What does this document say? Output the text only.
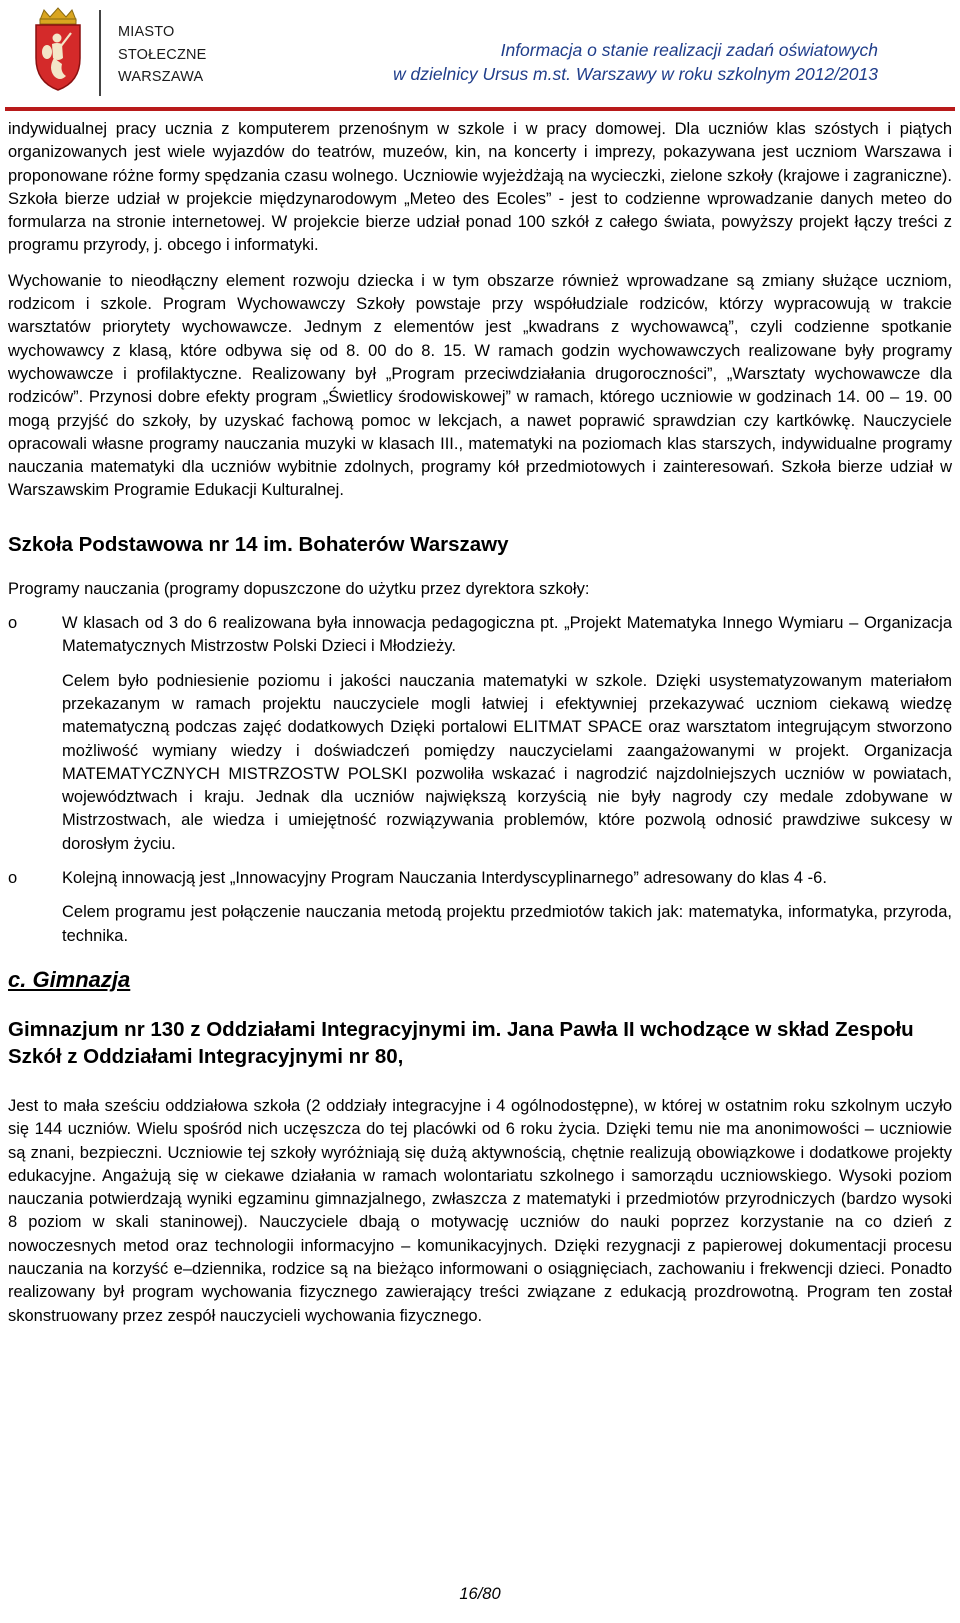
MIASTO
STOŁECZNE
WARSZAWA
Informacja o stanie realizacji zadań oświatowych
w dzielnicy Ursus m.st. Warszawy w roku szkolnym 2012/2013

indywidualnej pracy ucznia z komputerem przenośnym w szkole i w pracy domowej. Dla uczniów klas szóstych i piątych organizowanych jest wiele wyjazdów do teatrów, muzeów, kin, na koncerty i imprezy, pokazywana jest uczniom Warszawa i proponowane różne formy spędzania czasu wolnego. Uczniowie wyjeżdżają na wycieczki, zielone szkoły (krajowe i zagraniczne). Szkoła bierze udział w projekcie międzynarodowym „Meteo des Ecoles” - jest to codzienne wprowadzanie danych meteo do formularza na stronie internetowej. W projekcie bierze udział ponad 100 szkół z całego świata, powyższy projekt łączy treści z programu przyrody, j. obcego i informatyki.

Wychowanie to nieodłączny element rozwoju dziecka i w tym obszarze również wprowadzane są zmiany służące uczniom, rodzicom i szkole. Program Wychowawczy Szkoły powstaje przy współudziale rodziców, którzy wypracowują w trakcie warsztatów priorytety wychowawcze. Jednym z elementów jest „kwadrans z wychowawcą”, czyli codzienne spotkanie wychowawcy z klasą, które odbywa się od 8. 00 do 8. 15. W ramach godzin wychowawczych realizowane były programy wychowawcze i profilaktyczne. Realizowany był „Program przeciwdziałania drugoroczności”, „Warsztaty wychowawcze dla rodziców”. Przynosi dobre efekty program „Świetlicy środowiskowej” w ramach, którego uczniowie w godzinach 14. 00 – 19. 00 mogą przyjść do szkoły, by uzyskać fachową pomoc w lekcjach, a nawet poprawić sprawdzian czy kartkówkę. Nauczyciele opracowali własne programy nauczania muzyki w klasach III., matematyki na poziomach klas starszych, indywidualne programy nauczania matematyki dla uczniów wybitnie zdolnych, programy kół przedmiotowych i zainteresowań. Szkoła bierze udział w Warszawskim Programie Edukacji Kulturalnej.

Szkoła Podstawowa nr 14 im. Bohaterów Warszawy

Programy nauczania (programy dopuszczone do użytku przez dyrektora szkoły:

o	W klasach od 3 do 6 realizowana była innowacja pedagogiczna pt. „Projekt Matematyka Innego Wymiaru – Organizacja Matematycznych Mistrzostw Polski Dzieci i Młodzieży.

Celem było podniesienie poziomu i jakości nauczania matematyki w szkole. Dzięki usystematyzowanym materiałom przekazanym w ramach projektu nauczyciele mogli łatwiej i efektywniej przekazywać uczniom ciekawą wiedzę matematyczną podczas zajęć dodatkowych Dzięki portalowi ELITMAT SPACE oraz warsztatom integrującym stworzono możliwość wymiany wiedzy i doświadczeń pomiędzy nauczycielami zaangażowanymi w projekt. Organizacja MATEMATYCZNYCH MISTRZOSTW POLSKI pozwoliła wskazać i nagrodzić najzdolniejszych uczniów w powiatach, województwach i kraju. Jednak dla uczniów największą korzyścią nie były nagrody czy medale zdobywane w Mistrzostwach, ale wiedza i umiejętność rozwiązywania problemów, które pozwolą odnosić prawdziwe sukcesy w dorosłym życiu.

o	Kolejną innowacją jest „Innowacyjny Program Nauczania Interdyscyplinarnego” adresowany do klas 4 -6.

Celem programu jest połączenie nauczania metodą projektu przedmiotów takich jak: matematyka, informatyka, przyroda, technika.

c. Gimnazja
Gimnazjum nr 130 z Oddziałami Integracyjnymi im. Jana Pawła II wchodzące w skład Zespołu Szkół z Oddziałami Integracyjnymi nr 80,

Jest to mała sześciu oddziałowa szkoła (2 oddziały integracyjne i 4 ogólnodostępne), w której w ostatnim roku szkolnym uczyło się 144 uczniów. Wielu spośród nich uczęszcza do tej placówki od 6 roku życia. Dzięki temu nie ma anonimowości – uczniowie są znani, bezpieczni. Uczniowie tej szkoły wyróżniają się dużą aktywnością, chętnie realizują obowiązkowe i dodatkowe projekty edukacyjne. Angażują się w ciekawe działania w ramach wolontariatu szkolnego i samorządu uczniowskiego. Wysoki poziom nauczania potwierdzają wyniki egzaminu gimnazjalnego, zwłaszcza z matematyki i przedmiotów przyrodniczych (bardzo wysoki 8 poziom w skali staninowej). Nauczyciele dbają o motywację uczniów do nauki poprzez korzystanie na co dzień z nowoczesnych metod oraz technologii informacyjno – komunikacyjnych. Dzięki rezygnacji z papierowej dokumentacji procesu nauczania na korzyść e–dziennika, rodzice są na bieżąco informowani o osiągnięciach, zachowaniu i frekwencji dzieci. Ponadto realizowany był program wychowania fizycznego zawierający treści związane z edukacją prozdrowotną. Program ten został skonstruowany przez zespół nauczycieli wychowania fizycznego.

16/80
